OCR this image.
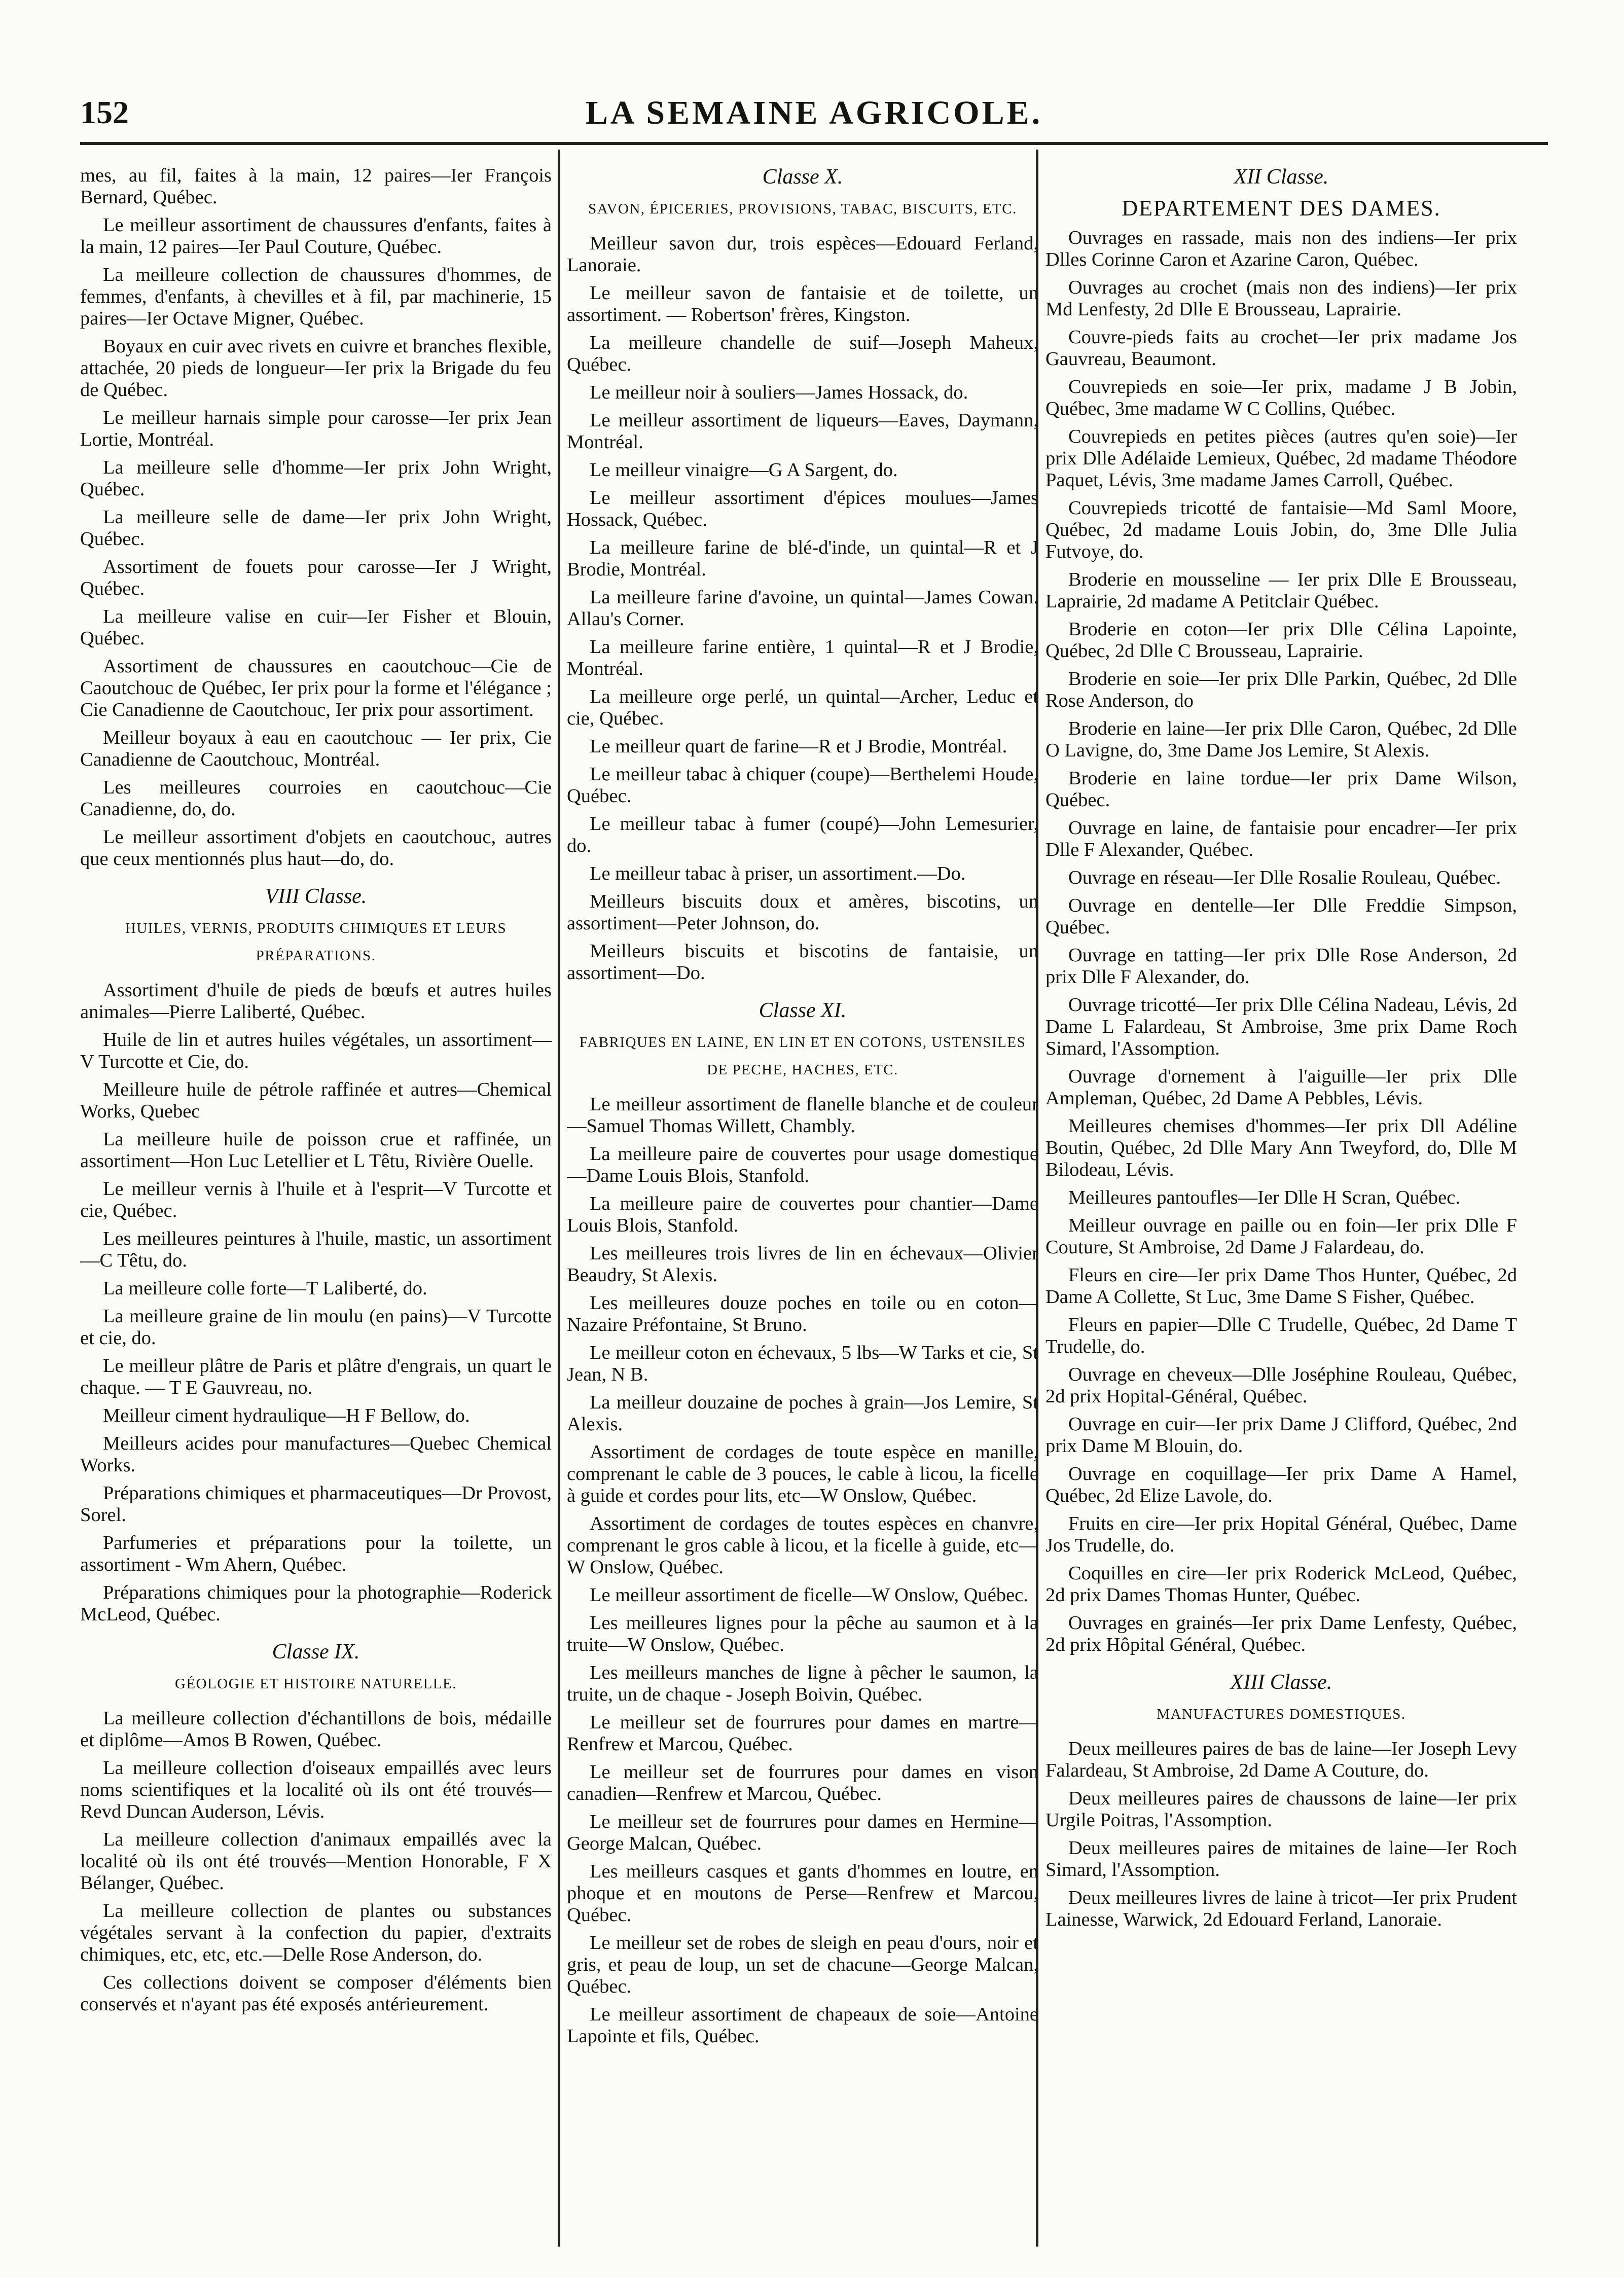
152	LA SEMAINE AGRICOLE.

mes, au fil, faites à la main, 12 paires—Ier François Bernard, Québec.

Le meilleur assortiment de chaussures d'enfants, faites à la main, 12 paires—Ier Paul Couture, Québec.

La meilleure collection de chaussures d'hommes, de femmes, d'enfants, à chevilles et à fil, par machinerie, 15 paires—Ier Octave Migner, Québec.

Boyaux en cuir avec rivets en cuivre et branches flexible, attachée, 20 pieds de longueur—Ier prix la Brigade du feu de Québec.

Le meilleur harnais simple pour carosse—Ier prix Jean Lortie, Montréal.

La meilleure selle d'homme—Ier prix John Wright, Québec.

La meilleure selle de dame—Ier prix John Wright, Québec.

Assortiment de fouets pour carosse—Ier J Wright, Québec.

La meilleure valise en cuir—Ier Fisher et Blouin, Québec.

Assortiment de chaussures en caoutchouc—Cie de Caoutchouc de Québec, Ier prix pour la forme et l'élégance ; Cie Canadienne de Caoutchouc, Ier prix pour assortiment.

Meilleur boyaux à eau en caoutchouc — Ier prix, Cie Canadienne de Caoutchouc, Montréal.

Les meilleures courroies en caoutchouc—Cie Canadienne, do, do.

Le meilleur assortiment d'objets en caoutchouc, autres que ceux mentionnés plus haut—do, do.

VIII Classe.
HUILES, VERNIS, PRODUITS CHIMIQUES ET LEURS PRÉPARATIONS.

Assortiment d'huile de pieds de bœufs et autres huiles animales—Pierre Laliberté, Québec.

Huile de lin et autres huiles végétales, un assortiment—V Turcotte et Cie, do.

Meilleure huile de pétrole raffinée et autres—Chemical Works, Quebec

La meilleure huile de poisson crue et raffinée, un assortiment—Hon Luc Letellier et L Têtu, Rivière Ouelle.

Le meilleur vernis à l'huile et à l'esprit—V Turcotte et cie, Québec.

Les meilleures peintures à l'huile, mastic, un assortiment—C Têtu, do.

La meilleure colle forte—T Laliberté, do.

La meilleure graine de lin moulu (en pains)—V Turcotte et cie, do.

Le meilleur plâtre de Paris et plâtre d'engrais, un quart le chaque. — T E Gauvreau, no.

Meilleur ciment hydraulique—H F Bellow, do.

Meilleurs acides pour manufactures—Quebec Chemical Works.

Préparations chimiques et pharmaceutiques—Dr Provost, Sorel.

Parfumeries et préparations pour la toilette, un assortiment - Wm Ahern, Québec.

Préparations chimiques pour la photographie—Roderick McLeod, Québec.

Classe IX.
GÉOLOGIE ET HISTOIRE NATURELLE.

La meilleure collection d'échantillons de bois, médaille et diplôme—Amos B Rowen, Québec.

La meilleure collection d'oiseaux empaillés avec leurs noms scientifiques et la localité où ils ont été trouvés—Revd Duncan Auderson, Lévis.

La meilleure collection d'animaux empaillés avec la localité où ils ont été trouvés—Mention Honorable, F X Bélanger, Québec.

La meilleure collection de plantes ou substances végétales servant à la confection du papier, d'extraits chimiques, etc, etc, etc.—Delle Rose Anderson, do.

Ces collections doivent se composer d'éléments bien conservés et n'ayant pas été exposés antérieurement.

Classe X.
SAVON, ÉPICERIES, PROVISIONS, TABAC, BISCUITS, ETC.

Meilleur savon dur, trois espèces—Edouard Ferland, Lanoraie.

Le meilleur savon de fantaisie et de toilette, un assortiment. — Robertson' frères, Kingston.

La meilleure chandelle de suif—Joseph Maheux, Québec.

Le meilleur noir à souliers—James Hossack, do.

Le meilleur assortiment de liqueurs—Eaves, Daymann, Montréal.

Le meilleur vinaigre—G A Sargent, do.

Le meilleur assortiment d'épices moulues—James Hossack, Québec.

La meilleure farine de blé-d'inde, un quintal—R et J Brodie, Montréal.

La meilleure farine d'avoine, un quintal—James Cowan. Allau's Corner.

La meilleure farine entière, 1 quintal—R et J Brodie, Montréal.

La meilleure orge perlé, un quintal—Archer, Leduc et cie, Québec.

Le meilleur quart de farine—R et J Brodie, Montréal.

Le meilleur tabac à chiquer (coupe)—Berthelemi Houde, Québec.

Le meilleur tabac à fumer (coupé)—John Lemesurier, do.

Le meilleur tabac à priser, un assortiment.—Do.

Meilleurs biscuits doux et amères, biscotins, un assortiment—Peter Johnson, do.

Meilleurs biscuits et biscotins de fantaisie, un assortiment—Do.

Classe XI.
FABRIQUES EN LAINE, EN LIN ET EN COTONS, USTENSILES DE PECHE, HACHES, ETC.

Le meilleur assortiment de flanelle blanche et de couleur—Samuel Thomas Willett, Chambly.

La meilleure paire de couvertes pour usage domestique—Dame Louis Blois, Stanfold.

La meilleure paire de couvertes pour chantier—Dame Louis Blois, Stanfold.

Les meilleures trois livres de lin en échevaux—Olivier Beaudry, St Alexis.

Les meilleures douze poches en toile ou en coton—Nazaire Préfontaine, St Bruno.

Le meilleur coton en échevaux, 5 lbs—W Tarks et cie, St Jean, N B.

La meilleur douzaine de poches à grain—Jos Lemire, St Alexis.

Assortiment de cordages de toute espèce en manille, comprenant le cable de 3 pouces, le cable à licou, la ficelle à guide et cordes pour lits, etc—W Onslow, Québec.

Assortiment de cordages de toutes espèces en chanvre, comprenant le gros cable à licou, et la ficelle à guide, etc—W Onslow, Québec.

Le meilleur assortiment de ficelle—W Onslow, Québec.

Les meilleures lignes pour la pêche au saumon et à la truite—W Onslow, Québec.

Les meilleurs manches de ligne à pêcher le saumon, la truite, un de chaque - Joseph Boivin, Québec.

Le meilleur set de fourrures pour dames en martre—Renfrew et Marcou, Québec.

Le meilleur set de fourrures pour dames en vison canadien—Renfrew et Marcou, Québec.

Le meilleur set de fourrures pour dames en Hermine—George Malcan, Québec.

Les meilleurs casques et gants d'hommes en loutre, en phoque et en moutons de Perse—Renfrew et Marcou, Québec.

Le meilleur set de robes de sleigh en peau d'ours, noir et gris, et peau de loup, un set de chacune—George Malcan, Québec.

Le meilleur assortiment de chapeaux de soie—Antoine Lapointe et fils, Québec.

XII Classe.
DEPARTEMENT DES DAMES.

Ouvrages en rassade, mais non des indiens—Ier prix Dlles Corinne Caron et Azarine Caron, Québec.

Ouvrages au crochet (mais non des indiens)—Ier prix Md Lenfesty, 2d Dlle E Brousseau, Laprairie.

Couvre-pieds faits au crochet—Ier prix madame Jos Gauvreau, Beaumont.

Couvrepieds en soie—Ier prix, madame J B Jobin, Québec, 3me madame W C Collins, Québec.

Couvrepieds en petites pièces (autres qu'en soie)—Ier prix Dlle Adélaide Lemieux, Québec, 2d madame Théodore Paquet, Lévis, 3me madame James Carroll, Québec.

Couvrepieds tricotté de fantaisie—Md Saml Moore, Québec, 2d madame Louis Jobin, do, 3me Dlle Julia Futvoye, do.

Broderie en mousseline — Ier prix Dlle E Brousseau, Laprairie, 2d madame A Petitclair Québec.

Broderie en coton—Ier prix Dlle Célina Lapointe, Québec, 2d Dlle C Brousseau, Laprairie.

Broderie en soie—Ier prix Dlle Parkin, Québec, 2d Dlle Rose Anderson, do

Broderie en laine—Ier prix Dlle Caron, Québec, 2d Dlle O Lavigne, do, 3me Dame Jos Lemire, St Alexis.

Broderie en laine tordue—Ier prix Dame Wilson, Québec.

Ouvrage en laine, de fantaisie pour encadrer—Ier prix Dlle F Alexander, Québec.

Ouvrage en réseau—Ier Dlle Rosalie Rouleau, Québec.

Ouvrage en dentelle—Ier Dlle Freddie Simpson, Québec.

Ouvrage en tatting—Ier prix Dlle Rose Anderson, 2d prix Dlle F Alexander, do.

Ouvrage tricotté—Ier prix Dlle Célina Nadeau, Lévis, 2d Dame L Falardeau, St Ambroise, 3me prix Dame Roch Simard, l'Assomption.

Ouvrage d'ornement à l'aiguille—Ier prix Dlle Ampleman, Québec, 2d Dame A Pebbles, Lévis.

Meilleures chemises d'hommes—Ier prix Dll Adéline Boutin, Québec, 2d Dlle Mary Ann Tweyford, do, Dlle M Bilodeau, Lévis.

Meilleures pantoufles—Ier Dlle H Scran, Québec.

Meilleur ouvrage en paille ou en foin—Ier prix Dlle F Couture, St Ambroise, 2d Dame J Falardeau, do.

Fleurs en cire—Ier prix Dame Thos Hunter, Québec, 2d Dame A Collette, St Luc, 3me Dame S Fisher, Québec.

Fleurs en papier—Dlle C Trudelle, Québec, 2d Dame T Trudelle, do.

Ouvrage en cheveux—Dlle Joséphine Rouleau, Québec, 2d prix Hopital-Général, Québec.

Ouvrage en cuir—Ier prix Dame J Clifford, Québec, 2nd prix Dame M Blouin, do.

Ouvrage en coquillage—Ier prix Dame A Hamel, Québec, 2d Elize Lavole, do.

Fruits en cire—Ier prix Hopital Général, Québec, Dame Jos Trudelle, do.

Coquilles en cire—Ier prix Roderick McLeod, Québec, 2d prix Dames Thomas Hunter, Québec.

Ouvrages en grainés—Ier prix Dame Lenfesty, Québec, 2d prix Hôpital Général, Québec.

XIII Classe.
MANUFACTURES DOMESTIQUES.

Deux meilleures paires de bas de laine—Ier Joseph Levy Falardeau, St Ambroise, 2d Dame A Couture, do.

Deux meilleures paires de chaussons de laine—Ier prix Urgile Poitras, l'Assomption.

Deux meilleures paires de mitaines de laine—Ier Roch Simard, l'Assomption.

Deux meilleures livres de laine à tricot—Ier prix Prudent Lainesse, Warwick, 2d Edouard Ferland, Lanoraie.
